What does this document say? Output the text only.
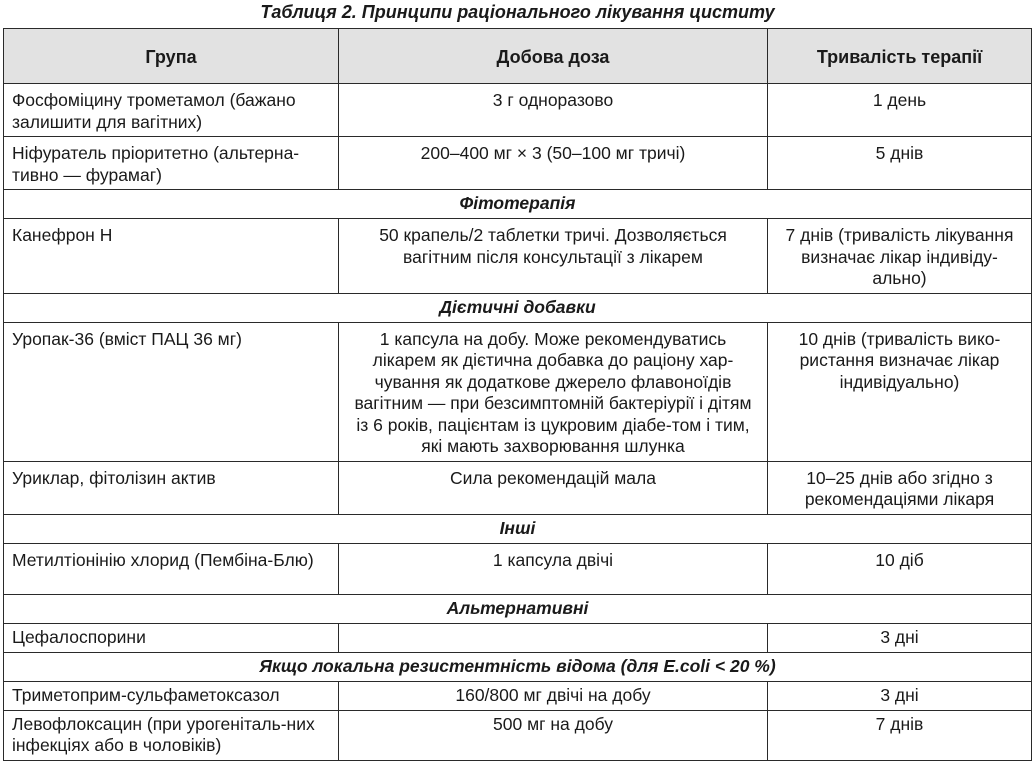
Таблиця 2. Принципи раціонального лікування циститу
Група	Добова доза	Тривалість терапії
Фосфоміцину трометамол (бажано залишити для вагітних)	3 г одноразово	1 день
Ніфуратель пріоритетно (альтерна-тивно — фурамаг)	200–400 мг × 3 (50–100 мг тричі)	5 днів
Фітотерапія		
Канефрон Н	50 крапель/2 таблетки тричі. Дозволяється вагітним після консультації з лікарем	7 днів (тривалість лікування визначає лікар індивіду-ально)
Дієтичні добавки		
Уропак-36 (вміст ПАЦ 36 мг)	1 капсула на добу. Може рекомендуватись лікарем як дієтична добавка до раціону хар-чування як додаткове джерело флавоноїдів вагітним — при безсимптомній бактеріурії і дітям із 6 років, пацієнтам із цукровим діабе-том і тим, які мають захворювання шлунка	10 днів (тривалість вико-ристання визначає лікар індивідуально)
Уриклар, фітолізин актив	Сила рекомендацій мала	10–25 днів або згідно з рекомендаціями лікаря
Інші		
Метилтіонінію хлорид (Пембіна-Блю)	1 капсула двічі	10 діб
Альтернативні		
Цефалоспорини		3 дні
Якщо локальна резистентність відома (для E.coli < 20 %)		
Триметоприм-сульфаметоксазол	160/800 мг двічі на добу	3 дні
Левофлоксацин (при урогеніталь-них інфекціях або в чоловіків)	500 мг на добу	7 днів
